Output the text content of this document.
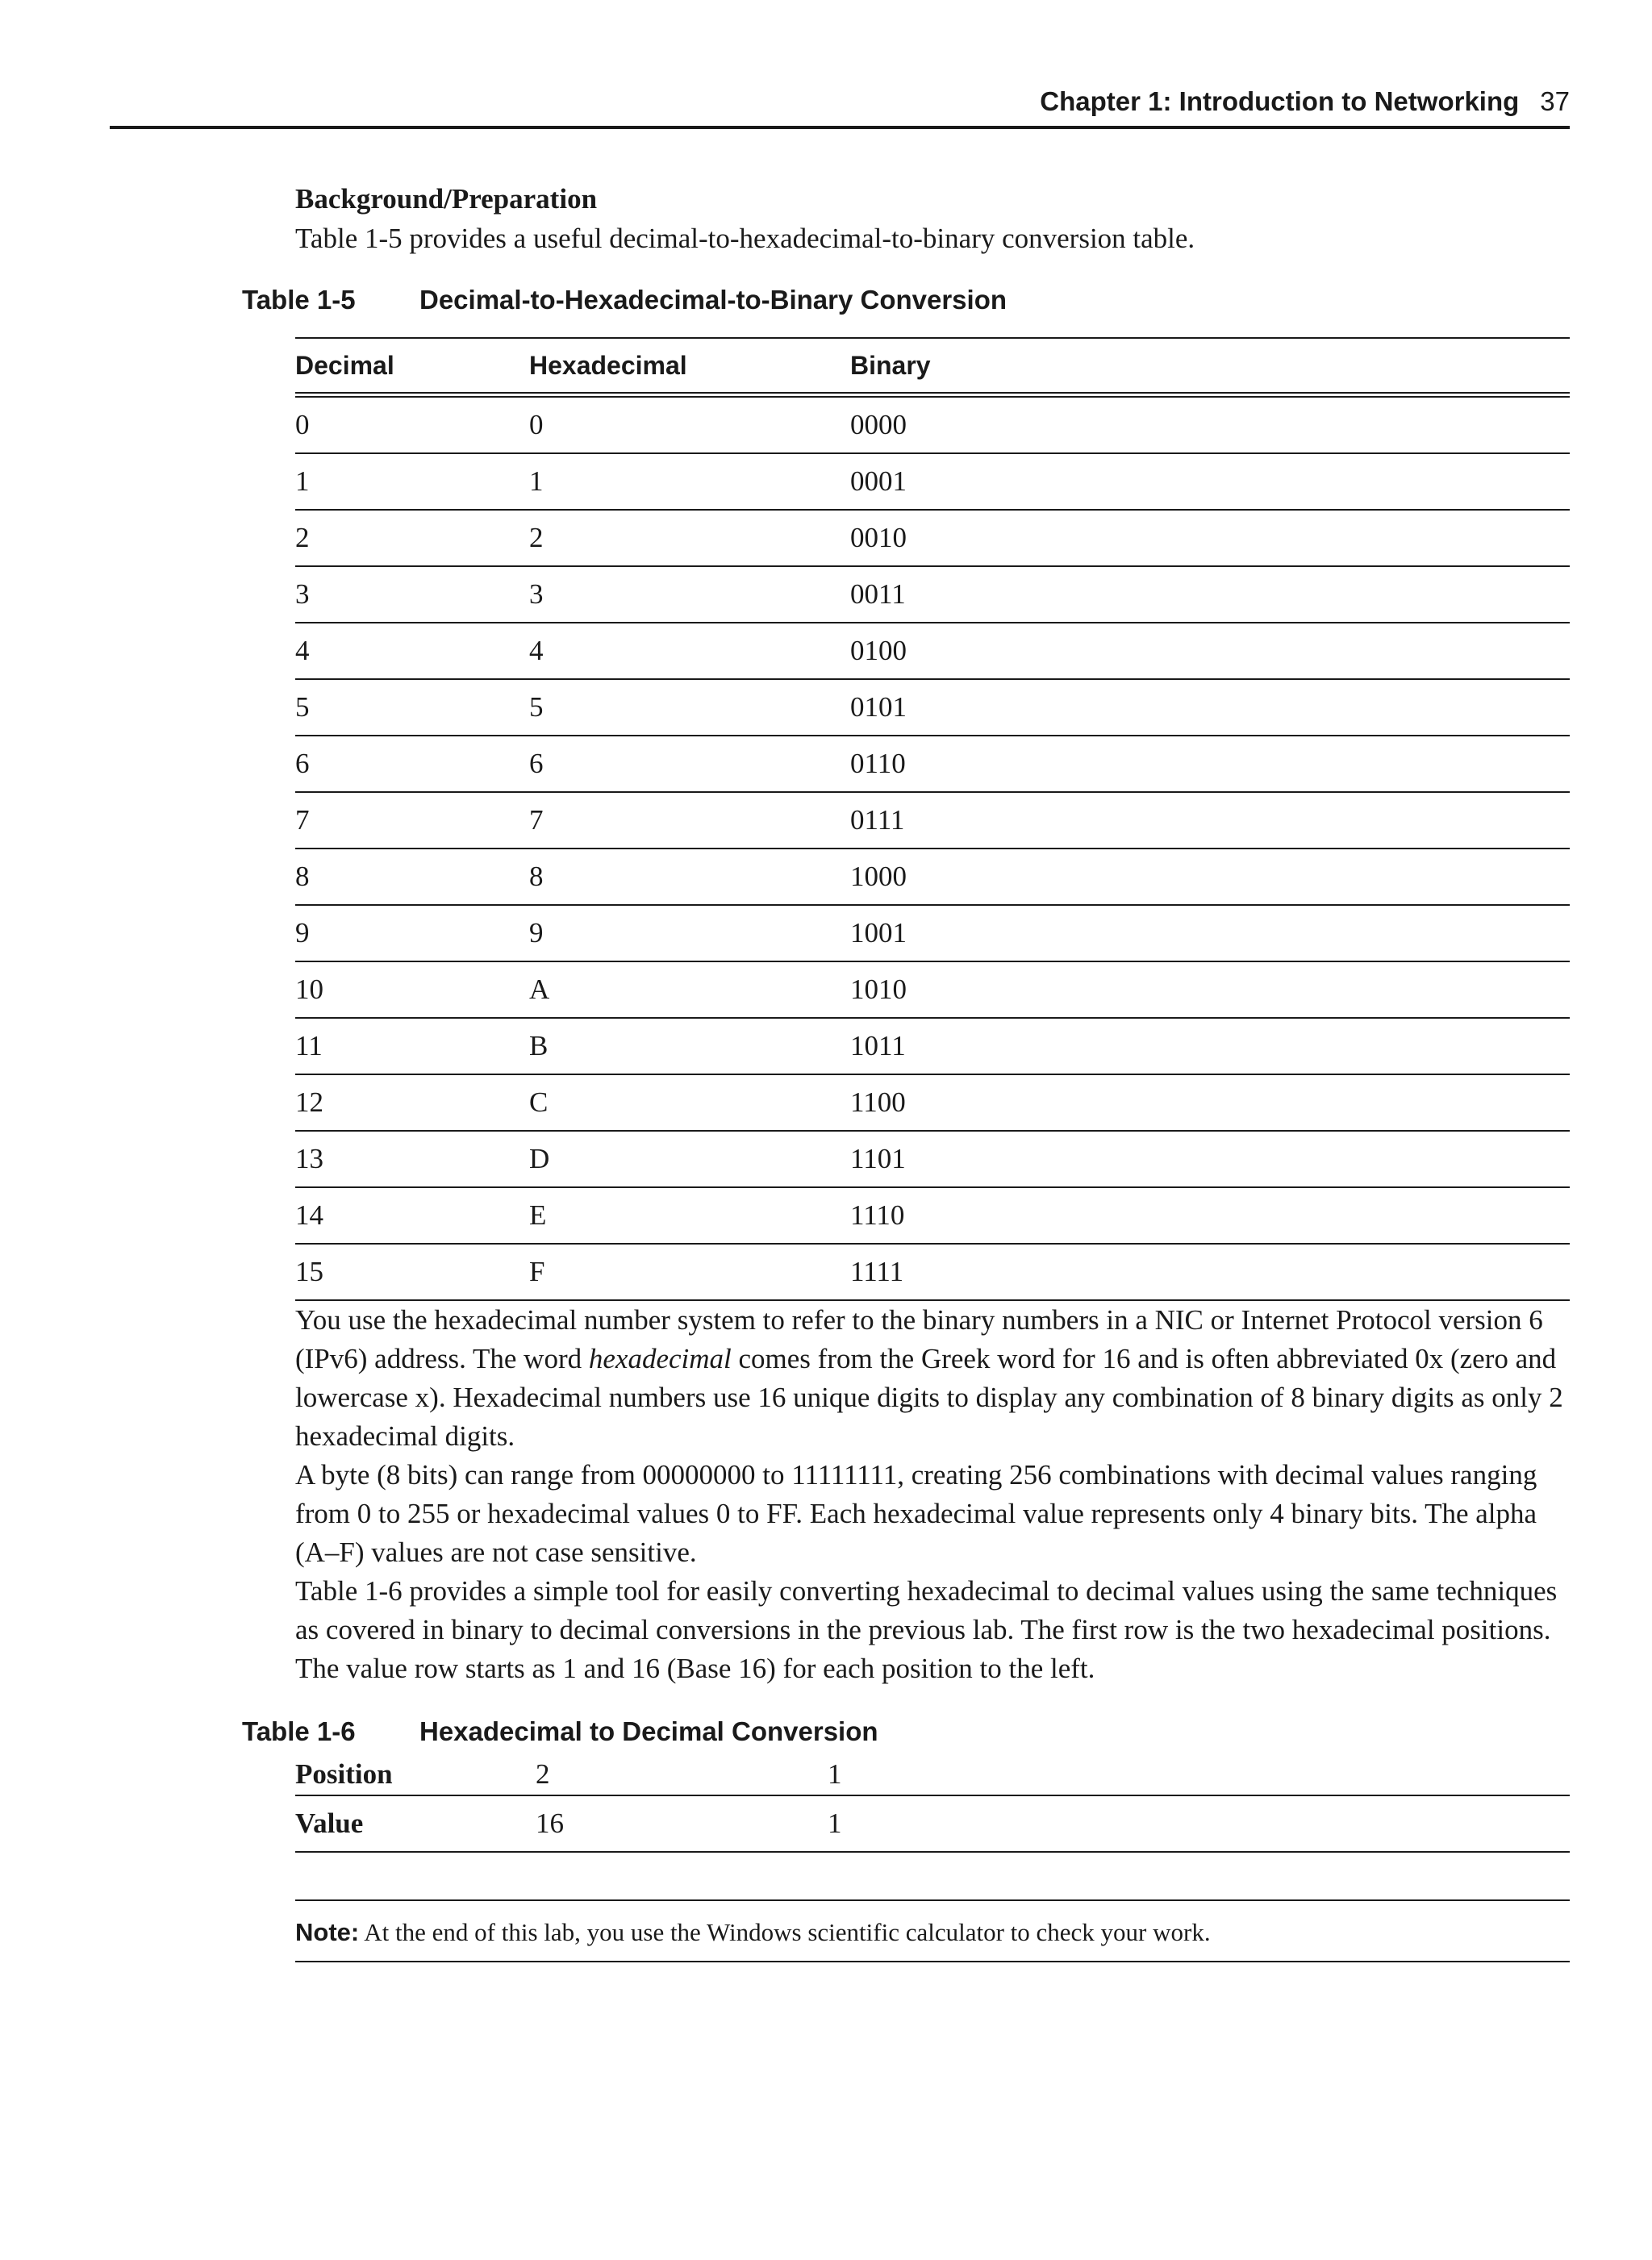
Chapter 1: Introduction to Networking 37
Background/Preparation

Table 1-5 provides a useful decimal-to-hexadecimal-to-binary conversion table.

Table 1-5 Decimal-to-Hexadecimal-to-Binary Conversion
Decimal	Hexadecimal	Binary
0	0	0000
1	1	0001
2	2	0010
3	3	0011
4	4	0100
5	5	0101
6	6	0110
7	7	0111
8	8	1000
9	9	1001
10	A	1010
11	B	1011
12	C	1100
13	D	1101
14	E	1110
15	F	1111

You use the hexadecimal number system to refer to the binary numbers in a NIC or Internet Protocol version 6 (IPv6) address. The word hexadecimal comes from the Greek word for 16 and is often abbreviated 0x (zero and lowercase x). Hexadecimal numbers use 16 unique digits to display any combination of 8 binary digits as only 2 hexadecimal digits.

A byte (8 bits) can range from 00000000 to 11111111, creating 256 combinations with decimal values ranging from 0 to 255 or hexadecimal values 0 to FF. Each hexadecimal value represents only 4 binary bits. The alpha (A–F) values are not case sensitive.

Table 1-6 provides a simple tool for easily converting hexadecimal to decimal values using the same techniques as covered in binary to decimal conversions in the previous lab. The first row is the two hexadecimal positions. The value row starts as 1 and 16 (Base 16) for each position to the left.

Table 1-6 Hexadecimal to Decimal Conversion
Position	2	1
Value	16	1
Note: At the end of this lab, you use the Windows scientific calculator to check your work.
